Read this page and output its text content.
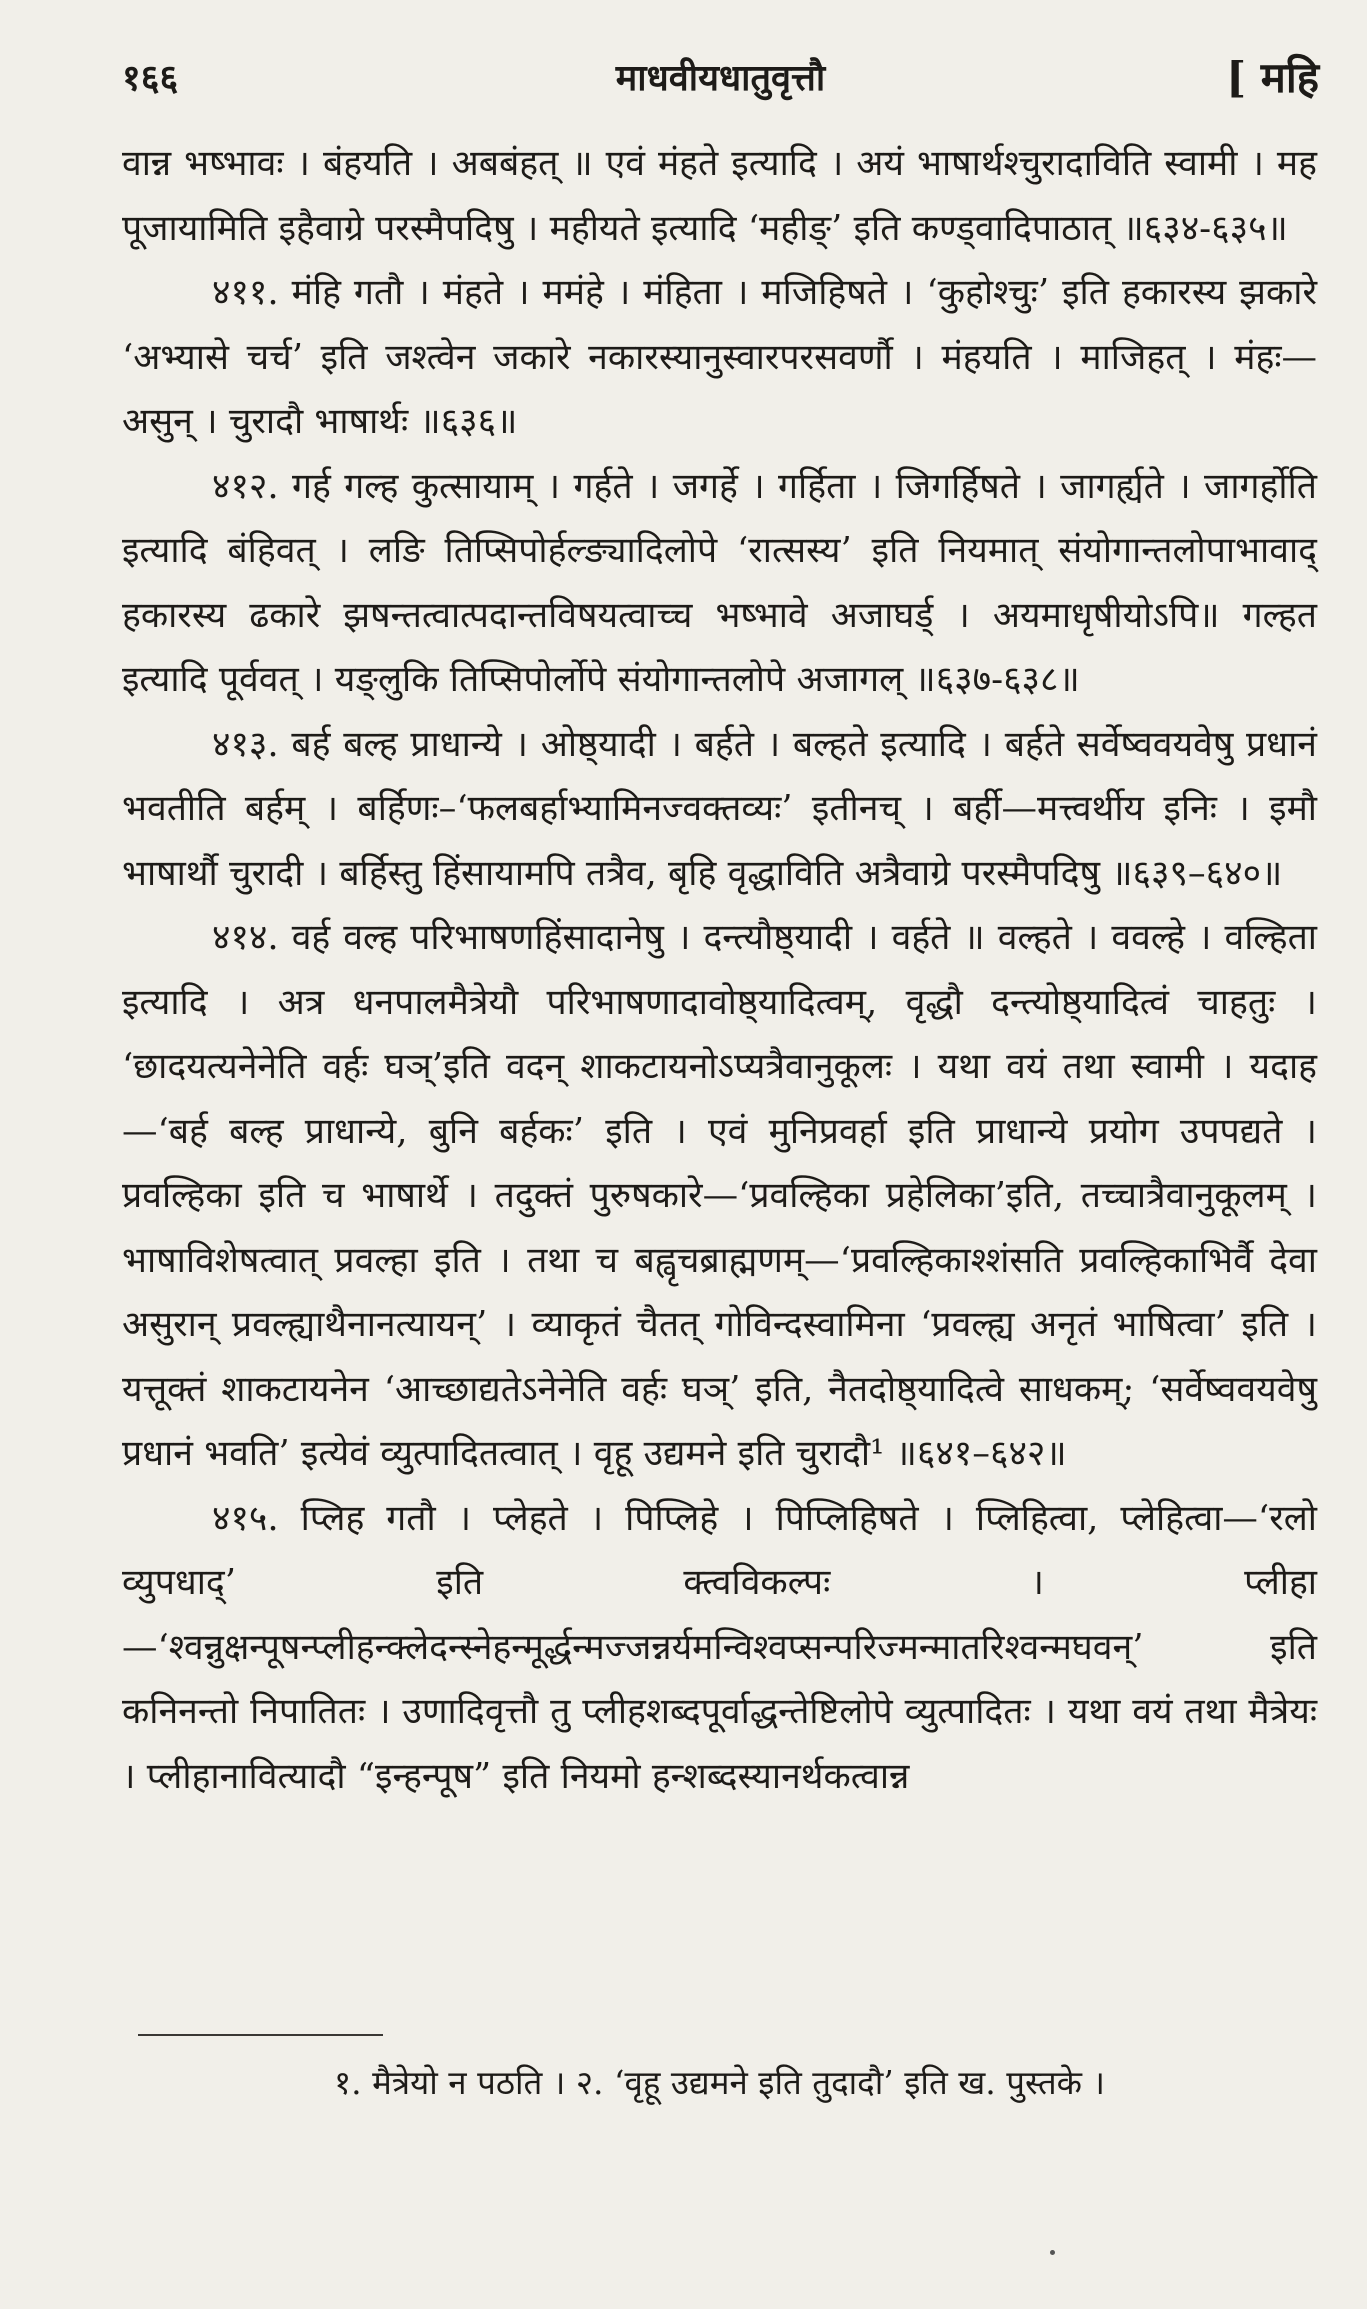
१६६	माधवीयधातुवृत्तौ	[ महि

वान्न भष्भावः । बंहयति । अबबंहत् ॥ एवं मंहते इत्यादि । अयं भाषार्थश्चुरादाविति स्वामी । मह पूजायामिति इहैवाग्रे परस्मैपदिषु । महीयते इत्यादि ‘महीङ्’ इति कण्ड्वादिपाठात् ॥६३४-६३५॥

४११. मंहि गतौ । मंहते । ममंहे । मंहिता । मजिहिषते । ‘कुहोश्चुः’ इति हकारस्य झकारे ‘अभ्यासे चर्च’ इति जश्त्वेन जकारे नकारस्यानुस्वारपरसवर्णौ । मंहयति । माजिहत् । मंहः—असुन् । चुरादौ भाषार्थः ॥६३६॥

४१२. गर्ह गल्ह कुत्सायाम् । गर्हते । जगर्हे । गर्हिता । जिगर्हिषते । जागर्ह्यते । जागर्होति इत्यादि बंहिवत् । लङि तिप्सिपोर्हल्ङ्यादिलोपे ‘रात्सस्य’ इति नियमात् संयोगान्तलोपाभावाद् हकारस्य ढकारे झषन्तत्वात्पदान्तविषयत्वाच्च भष्भावे अजाघर्ड् । अयमाधृषीयोऽपि॥ गल्हत इत्यादि पूर्ववत् । यङ्लुकि तिप्सिपोर्लोपे संयोगान्तलोपे अजागल् ॥६३७-६३८॥

४१३. बर्ह बल्ह प्राधान्ये । ओष्ठ्यादी । बर्हते । बल्हते इत्यादि । बर्हते सर्वेष्ववयवेषु प्रधानं भवतीति बर्हम् । बर्हिणः–‘फलबर्हाभ्यामिनज्वक्तव्यः’ इतीनच् । बर्ही—मत्त्वर्थीय इनिः । इमौ भाषार्थौ चुरादी । बर्हिस्तु हिंसायामपि तत्रैव, बृहि वृद्धाविति अत्रैवाग्रे परस्मैपदिषु ॥६३९–६४०॥

४१४. वर्ह वल्ह परिभाषणहिंसादानेषु । दन्त्यौष्ठ्यादी । वर्हते ॥ वल्हते । ववल्हे । वल्हिता इत्यादि । अत्र धनपालमैत्रेयौ परिभाषणादावोष्ठ्यादित्वम्, वृद्धौ दन्त्योष्ठ्यादित्वं चाहतुः । ‘छादयत्यनेनेति वर्हः घञ्’इति वदन् शाकटायनोऽप्यत्रैवानुकूलः । यथा वयं तथा स्वामी । यदाह—‘बर्ह बल्ह प्राधान्ये, बुनि बर्हकः’ इति । एवं मुनिप्रवर्हा इति प्राधान्ये प्रयोग उपपद्यते । प्रवल्हिका इति च भाषार्थे । तदुक्तं पुरुषकारे—‘प्रवल्हिका प्रहेलिका’इति, तच्चात्रैवानुकूलम् । भाषाविशेषत्वात् प्रवल्हा इति । तथा च बह्वृचब्राह्मणम्—‘प्रवल्हिकाश्शंसति प्रवल्हिकाभिर्वै देवा असुरान् प्रवल्ह्याथैनानत्यायन्’ । व्याकृतं चैतत् गोविन्दस्वामिना ‘प्रवल्ह्य अनृतं भाषित्वा’ इति । यत्तूक्तं शाकटायनेन ‘आच्छाद्यतेऽनेनेति वर्हः घञ्’ इति, नैतदोष्ठ्यादित्वे साधकम्; ‘सर्वेष्ववयवेषु प्रधानं भवति’ इत्येवं व्युत्पादितत्वात् । वृहू उद्यमने इति चुरादौ¹ ॥६४१–६४२॥

४१५. प्लिह गतौ । प्लेहते । पिप्लिहे । पिप्लिहिषते । प्लिहित्वा, प्लेहित्वा—‘रलो व्युपधाद्’ इति क्त्वविकल्पः । प्लीहा—‘श्वन्नुक्षन्पूषन्प्लीहन्क्लेदन्स्नेहन्मूर्द्धन्मज्जन्नर्यमन्विश्वप्सन्परिज्मन्मातरिश्वन्मघवन्’ इति कनिनन्तो निपातितः । उणादिवृत्तौ तु प्लीहशब्दपूर्वाद्धन्तेष्टिलोपे व्युत्पादितः । यथा वयं तथा मैत्रेयः । प्लीहानावित्यादौ “इन्हन्पूष” इति नियमो हन्शब्दस्यानर्थकत्वान्न

१. मैत्रेयो न पठति । २. ‘वृहू उद्यमने इति तुदादौ’ इति ख. पुस्तके ।
